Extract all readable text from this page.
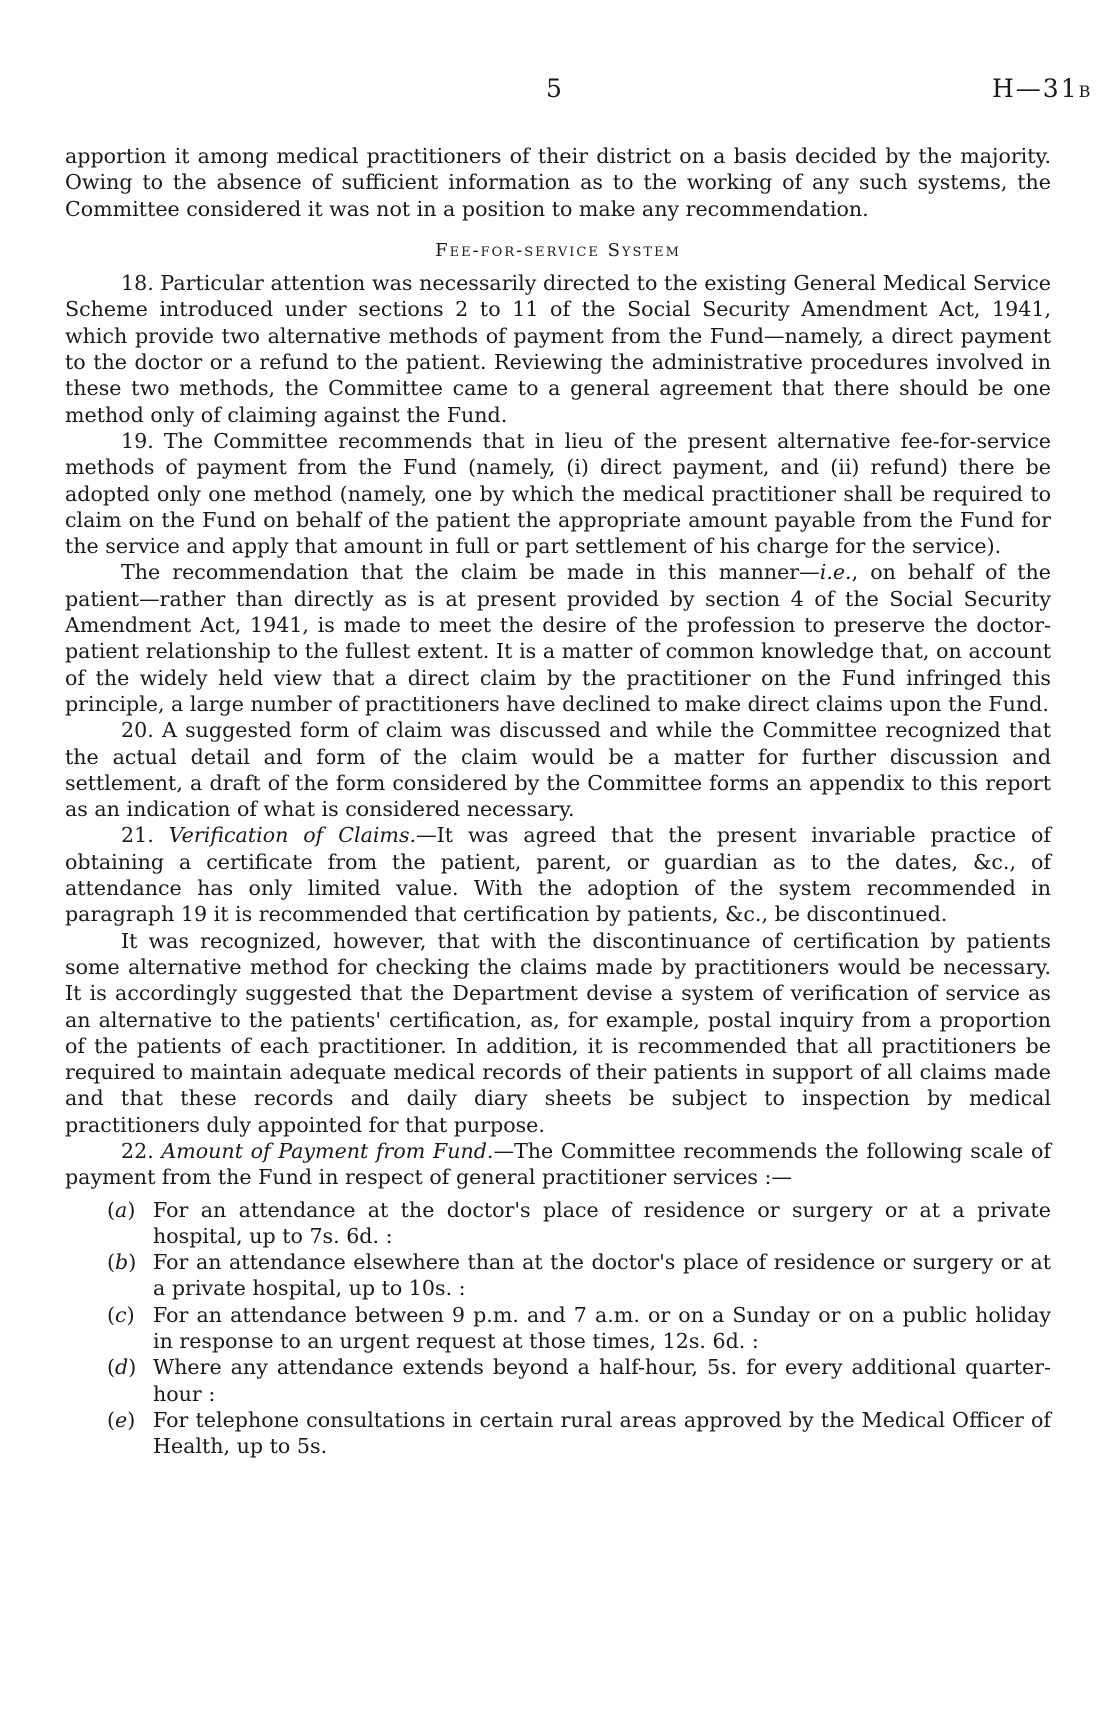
5	H—31B

apportion it among medical practitioners of their district on a basis decided by the majority. Owing to the absence of sufficient information as to the working of any such systems, the Committee considered it was not in a position to make any recommendation.

Fee-for-service System

18. Particular attention was necessarily directed to the existing General Medical Service Scheme introduced under sections 2 to 11 of the Social Security Amendment Act, 1941, which provide two alternative methods of payment from the Fund—namely, a direct payment to the doctor or a refund to the patient. Reviewing the administrative procedures involved in these two methods, the Committee came to a general agreement that there should be one method only of claiming against the Fund.

19. The Committee recommends that in lieu of the present alternative fee-for-service methods of payment from the Fund (namely, (i) direct payment, and (ii) refund) there be adopted only one method (namely, one by which the medical practitioner shall be required to claim on the Fund on behalf of the patient the appropriate amount payable from the Fund for the service and apply that amount in full or part settlement of his charge for the service).

The recommendation that the claim be made in this manner—i.e., on behalf of the patient—rather than directly as is at present provided by section 4 of the Social Security Amendment Act, 1941, is made to meet the desire of the profession to preserve the doctor-patient relationship to the fullest extent. It is a matter of common knowledge that, on account of the widely held view that a direct claim by the practitioner on the Fund infringed this principle, a large number of practitioners have declined to make direct claims upon the Fund.

20. A suggested form of claim was discussed and while the Committee recognized that the actual detail and form of the claim would be a matter for further discussion and settlement, a draft of the form considered by the Committee forms an appendix to this report as an indication of what is considered necessary.

21. Verification of Claims.—It was agreed that the present invariable practice of obtaining a certificate from the patient, parent, or guardian as to the dates, &c., of attendance has only limited value. With the adoption of the system recommended in paragraph 19 it is recommended that certification by patients, &c., be discontinued.

It was recognized, however, that with the discontinuance of certification by patients some alternative method for checking the claims made by practitioners would be necessary. It is accordingly suggested that the Department devise a system of verification of service as an alternative to the patients' certification, as, for example, postal inquiry from a proportion of the patients of each practitioner. In addition, it is recommended that all practitioners be required to maintain adequate medical records of their patients in support of all claims made and that these records and daily diary sheets be subject to inspection by medical practitioners duly appointed for that purpose.

22. Amount of Payment from Fund.—The Committee recommends the following scale of payment from the Fund in respect of general practitioner services :—

(a) For an attendance at the doctor's place of residence or surgery or at a private hospital, up to 7s. 6d. :
(b) For an attendance elsewhere than at the doctor's place of residence or surgery or at a private hospital, up to 10s. :
(c) For an attendance between 9 p.m. and 7 a.m. or on a Sunday or on a public holiday in response to an urgent request at those times, 12s. 6d. :
(d) Where any attendance extends beyond a half-hour, 5s. for every additional quarter-hour :
(e) For telephone consultations in certain rural areas approved by the Medical Officer of Health, up to 5s.
